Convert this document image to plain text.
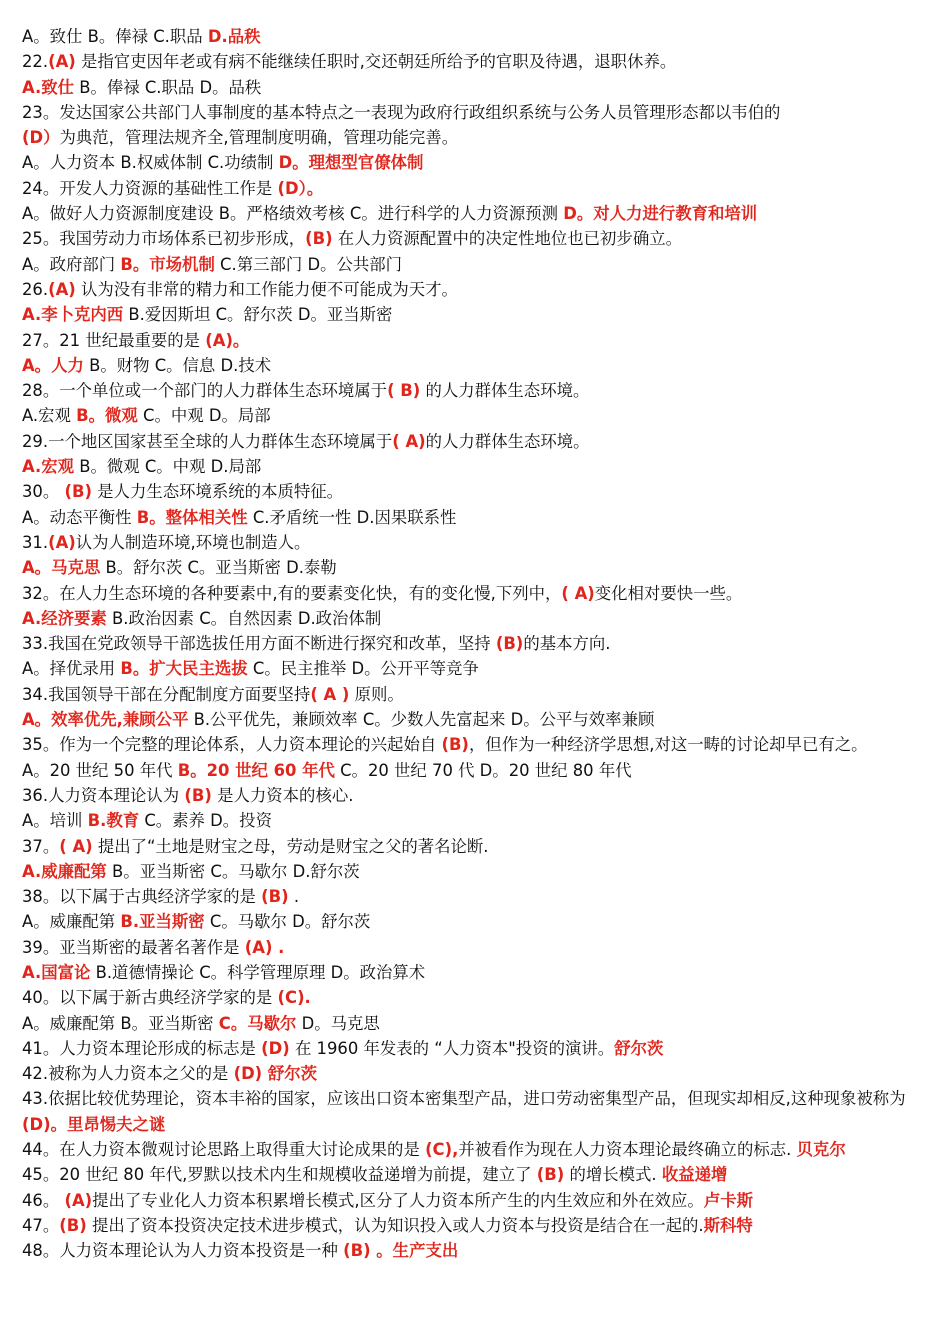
A。致仕 B。俸禄 C.职品 D.品秩
22.(A) 是指官吏因年老或有病不能继续任职时,交还朝廷所给予的官职及待遇，退职休养。
A.致仕 B。俸禄 C.职品 D。品秩
23。发达国家公共部门人事制度的基本特点之一表现为政府行政组织系统与公务人员管理形态都以韦伯的
(D）为典范，管理法规齐全,管理制度明确，管理功能完善。
A。人力资本 B.权威体制 C.功绩制 D。理想型官僚体制
24。开发人力资源的基础性工作是 (D）。
A。做好人力资源制度建设 B。严格绩效考核 C。进行科学的人力资源预测 D。对人力进行教育和培训
25。我国劳动力市场体系已初步形成，(B) 在人力资源配置中的决定性地位也已初步确立。
A。政府部门 B。市场机制 C.第三部门 D。公共部门
26.(A) 认为没有非常的精力和工作能力便不可能成为天才。
A.李卜克内西 B.爱因斯坦 C。舒尔茨 D。亚当斯密
27。21 世纪最重要的是 (A)。
A。人力 B。财物 C。信息 D.技术
28。一个单位或一个部门的人力群体生态环境属于( B) 的人力群体生态环境。
A.宏观 B。微观 C。中观 D。局部
29.一个地区国家甚至全球的人力群体生态环境属于( A)的人力群体生态环境。
A.宏观 B。微观 C。中观 D.局部
30。 (B) 是人力生态环境系统的本质特征。
A。动态平衡性 B。整体相关性 C.矛盾统一性 D.因果联系性
31.(A)认为人制造环境,环境也制造人。
A。马克思 B。舒尔茨 C。亚当斯密 D.泰勒
32。在人力生态环境的各种要素中,有的要素变化快，有的变化慢,下列中，( A)变化相对要快一些。
A.经济要素 B.政治因素 C。自然因素 D.政治体制
33.我国在党政领导干部选拔任用方面不断进行探究和改革，坚持 (B)的基本方向.
A。择优录用 B。扩大民主选拔 C。民主推举 D。公开平等竞争
34.我国领导干部在分配制度方面要坚持( A ) 原则。
A。效率优先,兼顾公平 B.公平优先，兼顾效率 C。少数人先富起来 D。公平与效率兼顾
35。作为一个完整的理论体系，人力资本理论的兴起始自 (B)，但作为一种经济学思想,对这一畴的讨论却早已有之。
A。20 世纪 50 年代 B。20 世纪 60 年代 C。20 世纪 70 代 D。20 世纪 80 年代
36.人力资本理论认为 (B) 是人力资本的核心.
A。培训 B.教育 C。素养 D。投资
37。( A) 提出了“土地是财宝之母，劳动是财宝之父的著名论断.
A.威廉配第 B。亚当斯密 C。马歇尔 D.舒尔茨
38。以下属于古典经济学家的是 (B) .
A。威廉配第 B.亚当斯密 C。马歇尔 D。舒尔茨
39。亚当斯密的最著名著作是 (A) .
A.国富论 B.道德情操论 C。科学管理原理 D。政治算术
40。以下属于新古典经济学家的是 (C).
A。威廉配第 B。亚当斯密 C。马歇尔 D。马克思
41。人力资本理论形成的标志是 (D) 在 1960 年发表的 “人力资本"投资的演讲。舒尔茨
42.被称为人力资本之父的是 (D) 舒尔茨
43.依据比较优势理论，资本丰裕的国家，应该出口资本密集型产品，进口劳动密集型产品，但现实却相反,这种现象被称为 (D)。里昂惕夫之谜
44。在人力资本微观讨论思路上取得重大讨论成果的是 (C),并被看作为现在人力资本理论最终确立的标志. 贝克尔
45。20 世纪 80 年代,罗默以技术内生和规模收益递增为前提，建立了 (B) 的增长模式. 收益递增
46。 (A)提出了专业化人力资本积累增长模式,区分了人力资本所产生的内生效应和外在效应。卢卡斯
47。(B) 提出了资本投资决定技术进步模式，认为知识投入或人力资本与投资是结合在一起的.斯科特
48。人力资本理论认为人力资本投资是一种 (B) 。生产支出
